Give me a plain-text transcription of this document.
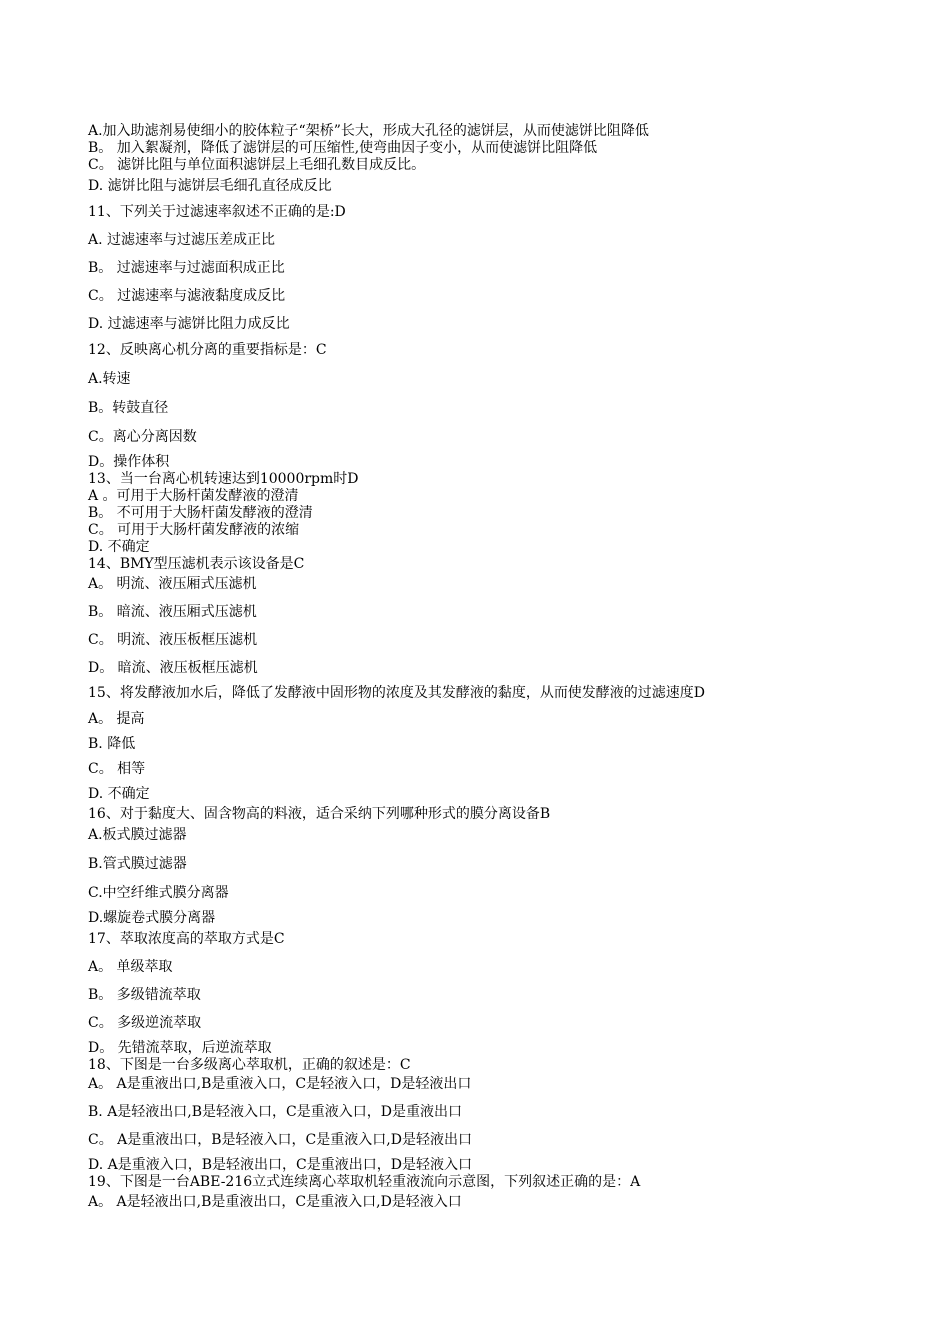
A.加入助滤剂易使细小的胶体粒子“架桥”长大，形成大孔径的滤饼层，从而使滤饼比阻降低
B。 加入絮凝剂，降低了滤饼层的可压缩性,使弯曲因子变小，从而使滤饼比阻降低
C。 滤饼比阻与单位面积滤饼层上毛细孔数目成反比。
D. 滤饼比阻与滤饼层毛细孔直径成反比
11、下列关于过滤速率叙述不正确的是:D
A. 过滤速率与过滤压差成正比
B。 过滤速率与过滤面积成正比
C。 过滤速率与滤液黏度成反比
D. 过滤速率与滤饼比阻力成反比
12、反映离心机分离的重要指标是：C
A.转速
B。转鼓直径
C。离心分离因数
D。操作体积
13、当一台离心机转速达到10000rpm时D
A 。可用于大肠杆菌发酵液的澄清
B。 不可用于大肠杆菌发酵液的澄清
C。 可用于大肠杆菌发酵液的浓缩
D. 不确定
14、BMY型压滤机表示该设备是C
A。 明流、液压厢式压滤机
B。 暗流、液压厢式压滤机
C。 明流、液压板框压滤机
D。 暗流、液压板框压滤机
15、将发酵液加水后，降低了发酵液中固形物的浓度及其发酵液的黏度，从而使发酵液的过滤速度D
A。 提高
B. 降低
C。 相等
D. 不确定
16、对于黏度大、固含物高的料液，适合采纳下列哪种形式的膜分离设备B
A.板式膜过滤器
B.管式膜过滤器
C.中空纤维式膜分离器
D.螺旋卷式膜分离器
17、萃取浓度高的萃取方式是C
A。 单级萃取
B。 多级错流萃取
C。 多级逆流萃取
D。 先错流萃取，后逆流萃取
18、下图是一台多级离心萃取机，正确的叙述是：C
A。 A是重液出口,B是重液入口，C是轻液入口，D是轻液出口
B. A是轻液出口,B是轻液入口，C是重液入口，D是重液出口
C。 A是重液出口，B是轻液入口，C是重液入口,D是轻液出口
D. A是重液入口，B是轻液出口，C是重液出口，D是轻液入口
19、下图是一台ABE-216立式连续离心萃取机轻重液流向示意图，下列叙述正确的是：A
A。 A是轻液出口,B是重液出口，C是重液入口,D是轻液入口
